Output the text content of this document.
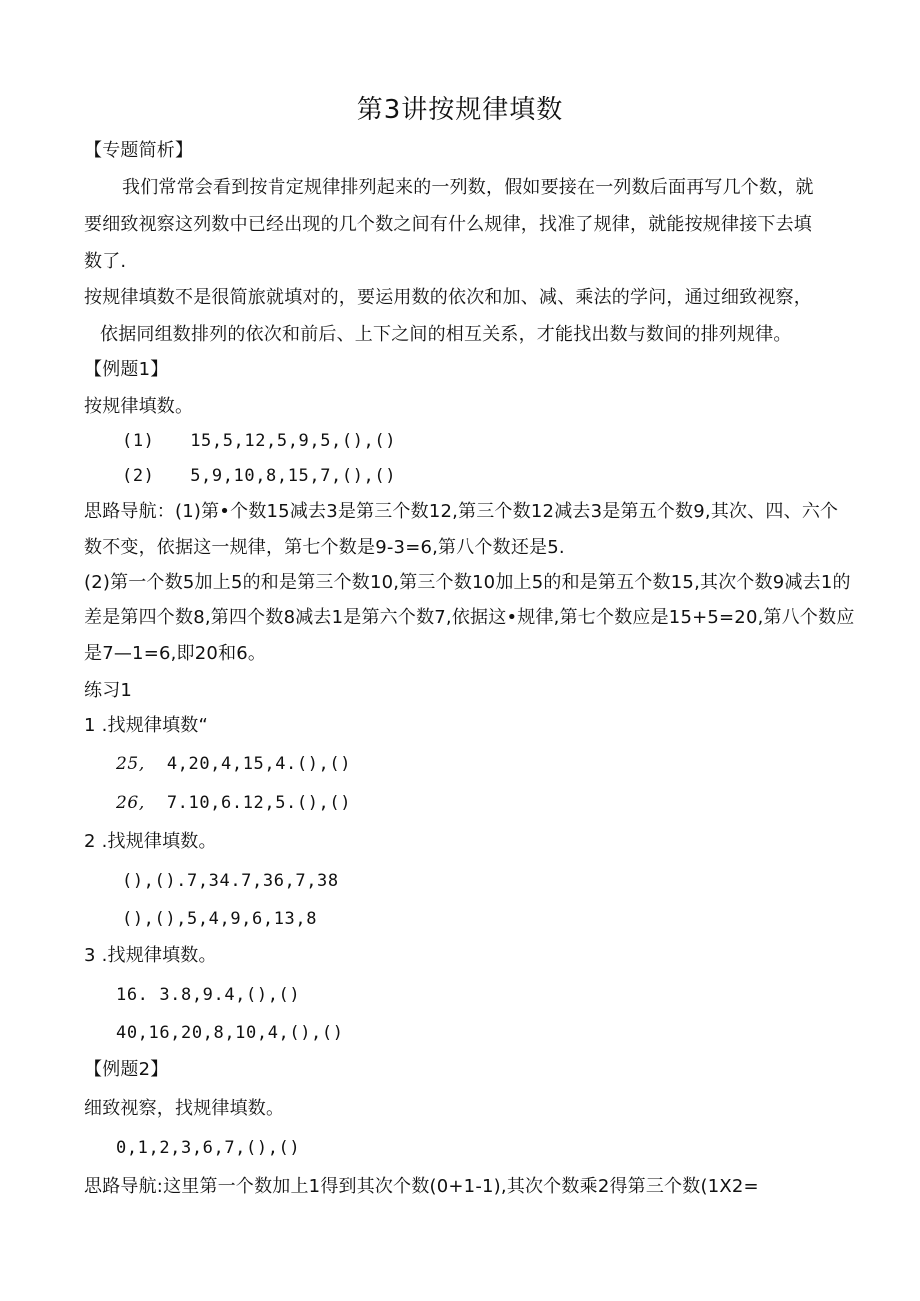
第3讲按规律填数
【专题简析】
我们常常会看到按肯定规律排列起来的一列数，假如要接在一列数后面再写几个数，就
要细致视察这列数中已经出现的几个数之间有什么规律，找准了规律，就能按规律接下去填
数了.
按规律填数不是很简旅就填对的，要运用数的依次和加、减、乘法的学问，通过细致视察，
依据同组数排列的依次和前后、上下之间的相互关系，才能找出数与数间的排列规律。
【例题1】
按规律填数。
(1) 15,5,12,5,9,5,(),()
(2) 5,9,10,8,15,7,(),()
思路导航：(1)第•个数15减去3是第三个数12,第三个数12减去3是第五个数9,其次、四、六个
数不变，依据这一规律，第七个数是9-3=6,第八个数还是5.
(2)第一个数5加上5的和是第三个数10,第三个数10加上5的和是第五个数15,其次个数9减去1的
差是第四个数8,第四个数8减去1是第六个数7,依据这•规律,第七个数应是15+5=20,第八个数应
是7—1=6,即20和6。
练习1
1 .找规律填数“
25, 4,20,4,15,4.(),()
26, 7.10,6.12,5.(),()
2 .找规律填数。
(),().7,34.7,36,7,38
(),(),5,4,9,6,13,8
3 .找规律填数。
16. 3.8,9.4,(),()
40,16,20,8,10,4,(),()
【例题2】
细致视察，找规律填数。
0,1,2,3,6,7,(),()
思路导航:这里第一个数加上1得到其次个数(0+1-1),其次个数乘2得第三个数(1X2=
